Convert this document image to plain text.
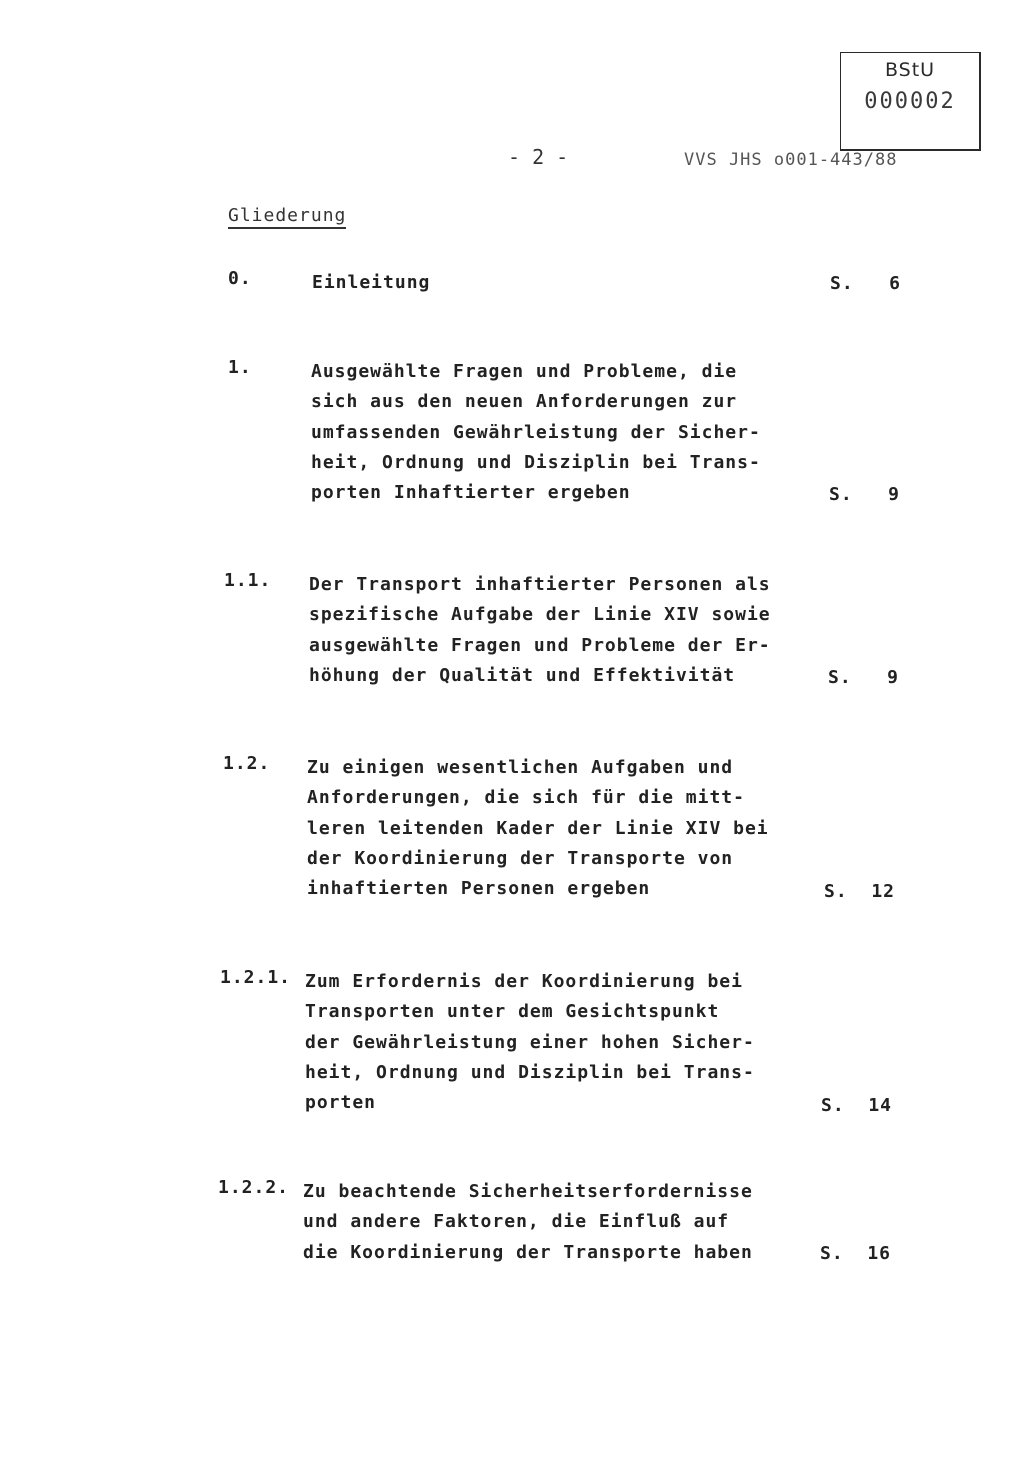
BStU
000002
- 2 -	VVS JHS o001-443/88
Gliederung
0.	Einleitung	S.   6
1.	Ausgewählte Fragen und Probleme, die
sich aus den neuen Anforderungen zur
umfassenden Gewährleistung der Sicher-
heit, Ordnung und Disziplin bei Trans-
porten Inhaftierter ergeben	S.   9
1.1. Der Transport inhaftierter Personen als
spezifische Aufgabe der Linie XIV sowie
ausgewählte Fragen und Probleme der Er-
höhung der Qualität und Effektivität	S.   9
1.2. Zu einigen wesentlichen Aufgaben und
Anforderungen, die sich für die mitt-
leren leitenden Kader der Linie XIV bei
der Koordinierung der Transporte von
inhaftierten Personen ergeben	S.  12
1.2.1. Zum Erfordernis der Koordinierung bei
Transporten unter dem Gesichtspunkt
der Gewährleistung einer hohen Sicher-
heit, Ordnung und Disziplin bei Trans-
porten	S.  14
1.2.2. Zu beachtende Sicherheitserfordernisse
und andere Faktoren, die Einfluß auf
die Koordinierung der Transporte haben	S.  16
